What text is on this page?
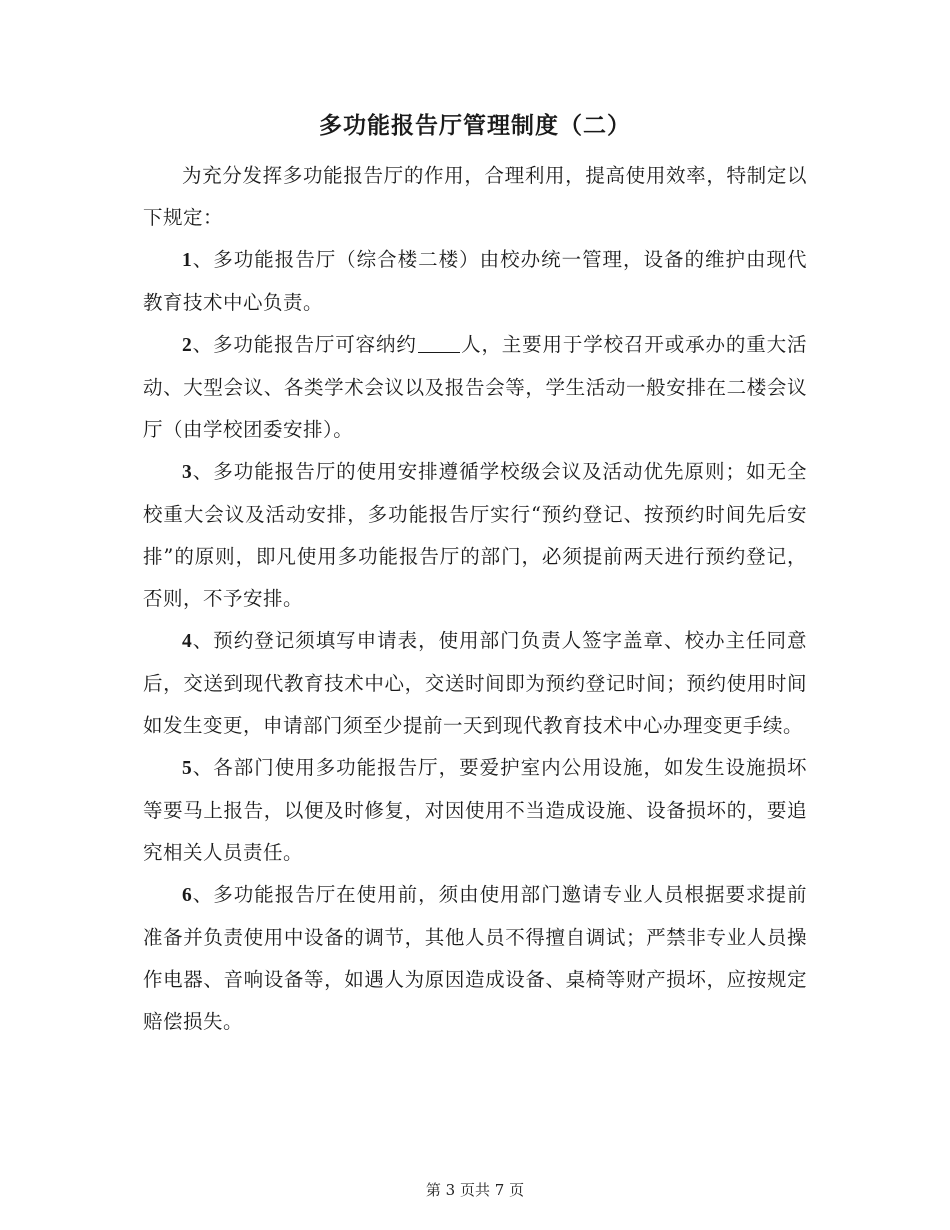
多功能报告厅管理制度（二）

为充分发挥多功能报告厅的作用，合理利用，提高使用效率，特制定以下规定：

1、多功能报告厅（综合楼二楼）由校办统一管理，设备的维护由现代教育技术中心负责。

2、多功能报告厅可容纳约 人，主要用于学校召开或承办的重大活动、大型会议、各类学术会议以及报告会等，学生活动一般安排在二楼会议厅（由学校团委安排）。

3、多功能报告厅的使用安排遵循学校级会议及活动优先原则；如无全校重大会议及活动安排，多功能报告厅实行“预约登记、按预约时间先后安排”的原则，即凡使用多功能报告厅的部门，必须提前两天进行预约登记，否则，不予安排。

4、预约登记须填写申请表，使用部门负责人签字盖章、校办主任同意后，交送到现代教育技术中心，交送时间即为预约登记时间；预约使用时间如发生变更，申请部门须至少提前一天到现代教育技术中心办理变更手续。

5、各部门使用多功能报告厅，要爱护室内公用设施，如发生设施损坏等要马上报告，以便及时修复，对因使用不当造成设施、设备损坏的，要追究相关人员责任。

6、多功能报告厅在使用前，须由使用部门邀请专业人员根据要求提前准备并负责使用中设备的调节，其他人员不得擅自调试；严禁非专业人员操作电器、音响设备等，如遇人为原因造成设备、桌椅等财产损坏，应按规定赔偿损失。

第 3 页共 7 页
